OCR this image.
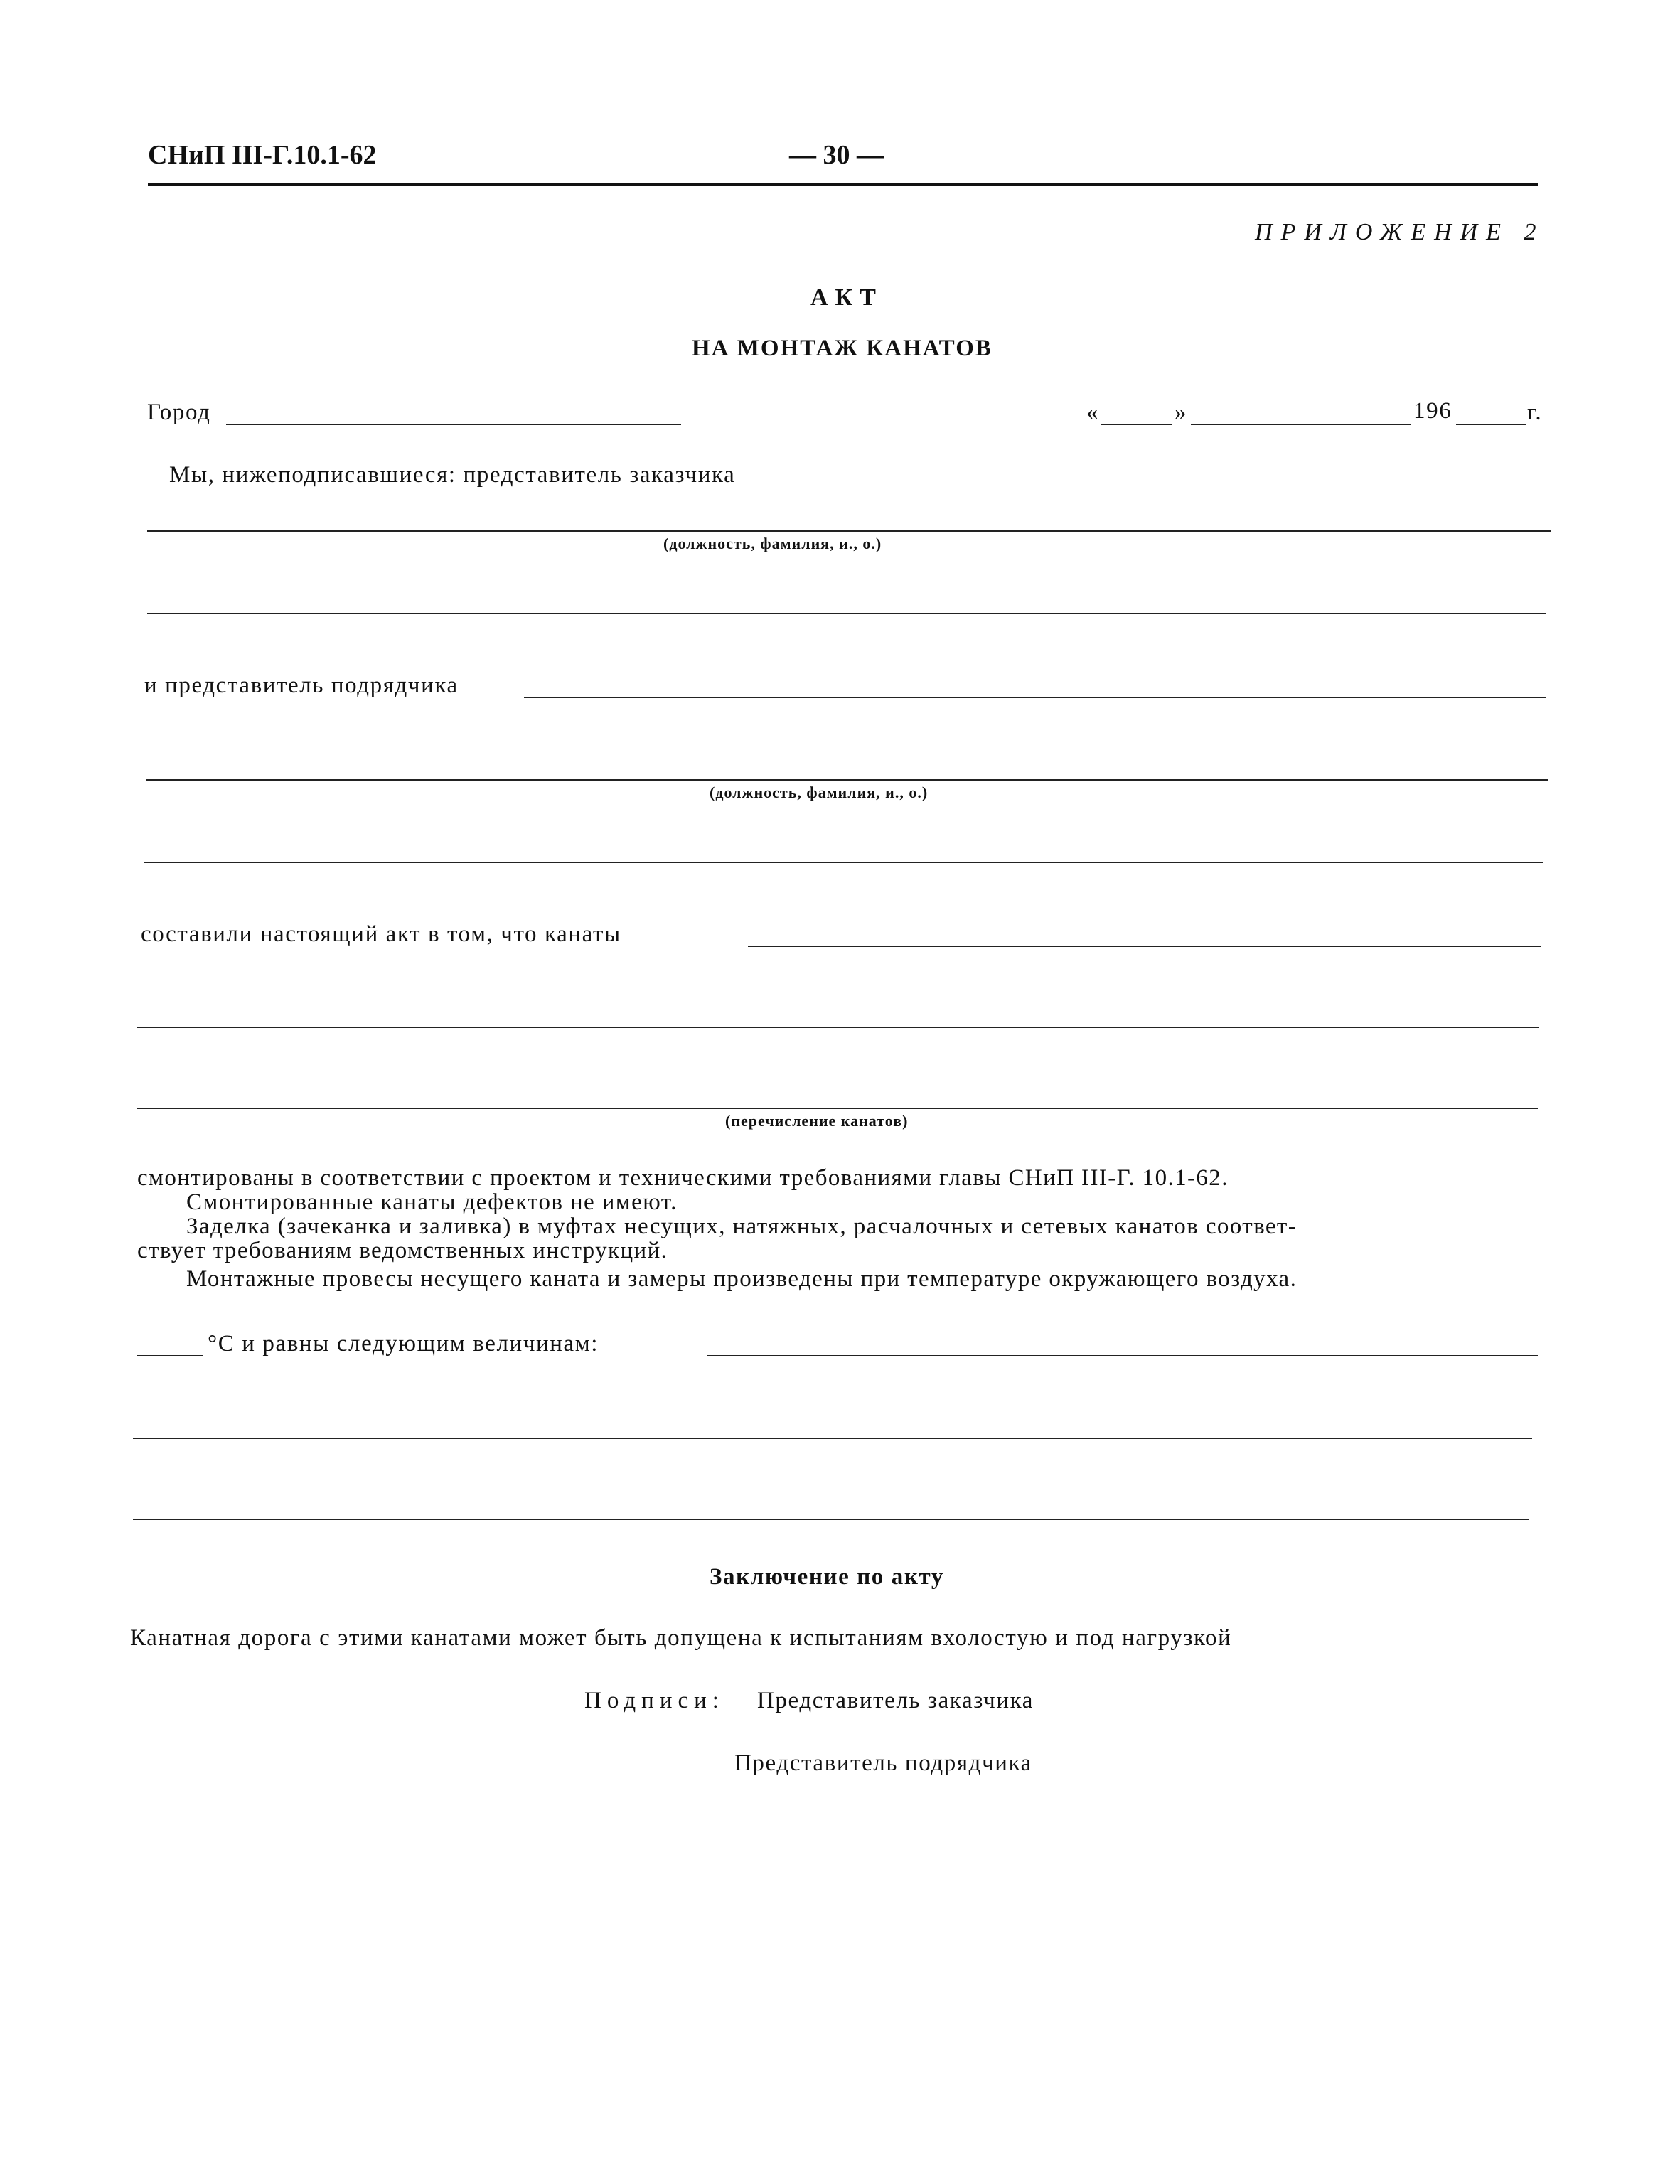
СНиП III-Г.10.1-62	— 30 —
ПРИЛОЖЕНИЕ 2
АКТ
НА МОНТАЖ КАНАТОВ
Город	«	»	196	г.
Мы, нижеподписавшиеся: представитель заказчика
(должность, фамилия, и., о.)
и представитель подрядчика
(должность, фамилия, и., о.)
составили настоящий акт в том, что канаты
(перечисление канатов)
смонтированы в соответствии с проектом и техническими требованиями главы СНиП III-Г. 10.1-62.
Смонтированные канаты дефектов не имеют.
Заделка (зачеканка и заливка) в муфтах несущих, натяжных, расчалочных и сетевых канатов соответ-
ствует требованиям ведомственных инструкций.
Монтажные провесы несущего каната и замеры произведены при температуре окружающего воздуха.
°С и равны следующим величинам:
Заключение по акту
Канатная дорога с этими канатами может быть допущена к испытаниям вхолостую и под нагрузкой
Подписи: Представитель заказчика
Представитель подрядчика
